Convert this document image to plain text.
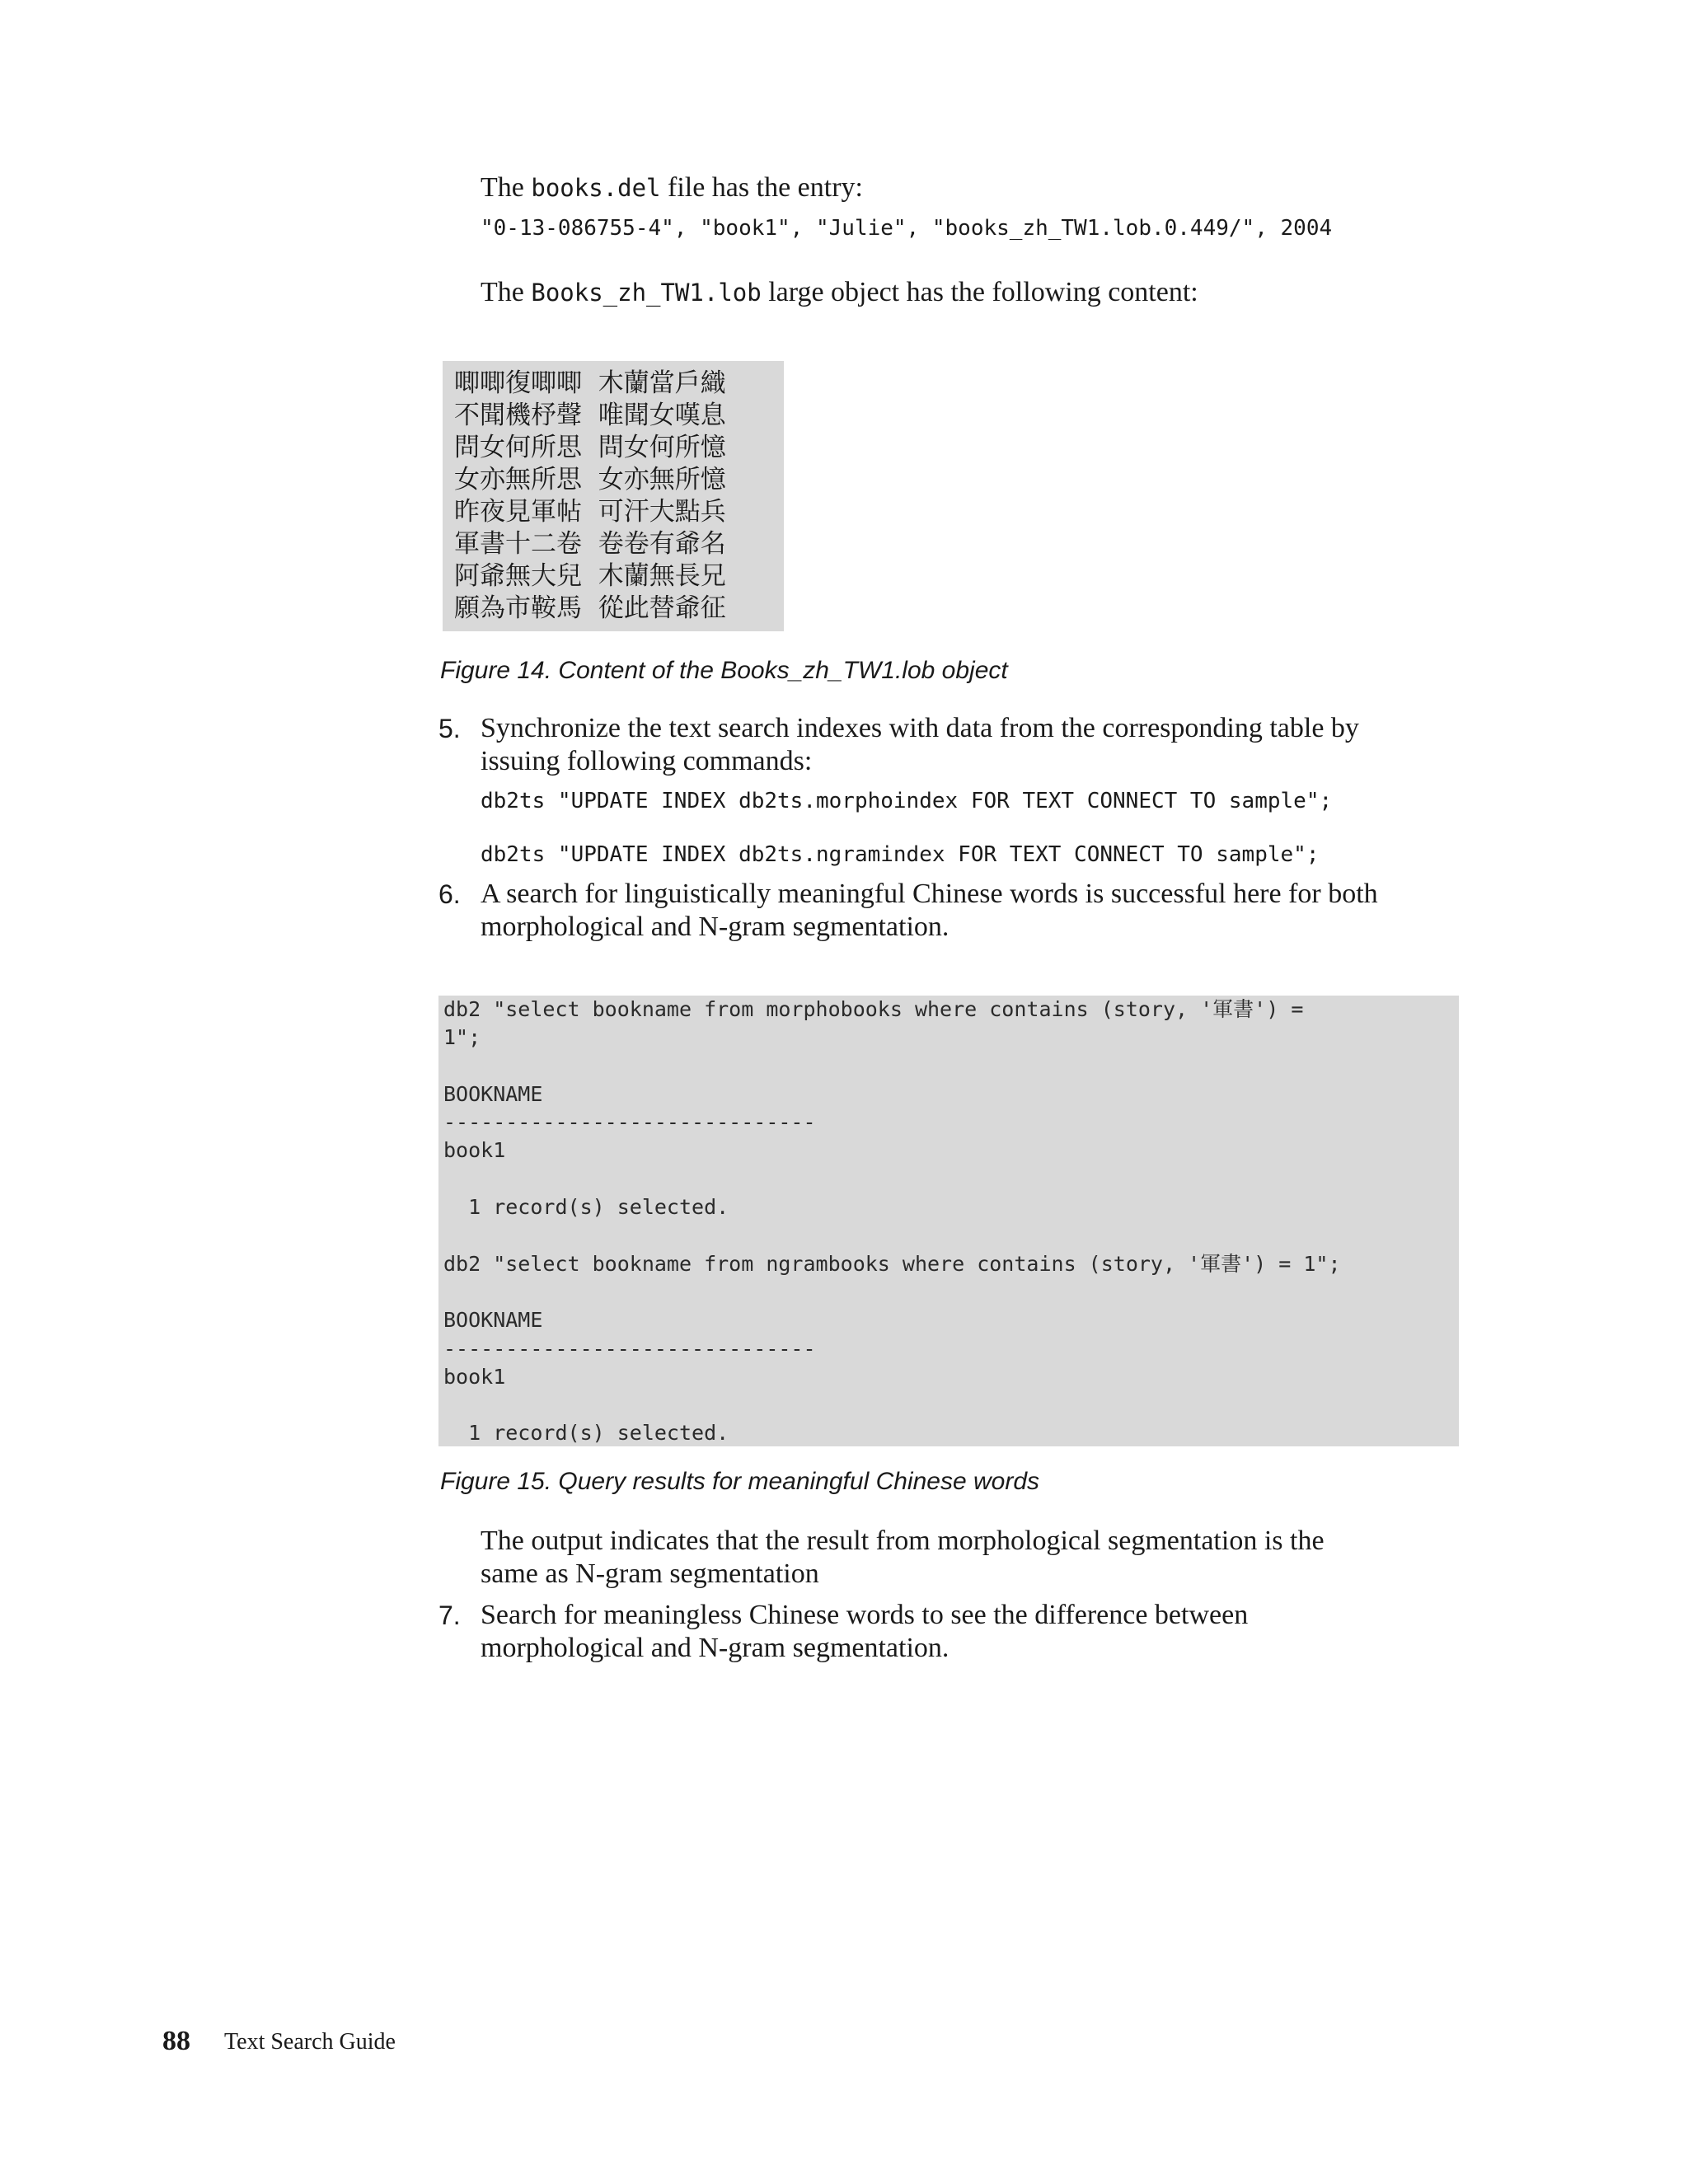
The books.del file has the entry:
"0-13-086755-4", "book1", "Julie", "books_zh_TW1.lob.0.449/", 2004
The Books_zh_TW1.lob large object has the following content:
唧唧復唧唧  木蘭當戶織
不聞機杼聲  唯聞女嘆息
問女何所思  問女何所憶
女亦無所思  女亦無所憶
昨夜見軍帖  可汗大點兵
軍書十二卷  卷卷有爺名
阿爺無大兒  木蘭無長兄
願為市鞍馬  從此替爺征
Figure 14. Content of the Books_zh_TW1.lob object
5. Synchronize the text search indexes with data from the corresponding table by
issuing following commands:
db2ts "UPDATE INDEX db2ts.morphoindex FOR TEXT CONNECT TO sample";
db2ts "UPDATE INDEX db2ts.ngramindex FOR TEXT CONNECT TO sample";
6. A search for linguistically meaningful Chinese words is successful here for both
morphological and N-gram segmentation.
db2 "select bookname from morphobooks where contains (story, '軍書') =
1";
BOOKNAME
------------------------------
book1
1 record(s) selected.
db2 "select bookname from ngrambooks where contains (story, '軍書') = 1";
BOOKNAME
------------------------------
book1
1 record(s) selected.
Figure 15. Query results for meaningful Chinese words
The output indicates that the result from morphological segmentation is the
same as N-gram segmentation
7. Search for meaningless Chinese words to see the difference between
morphological and N-gram segmentation.
88 Text Search Guide
